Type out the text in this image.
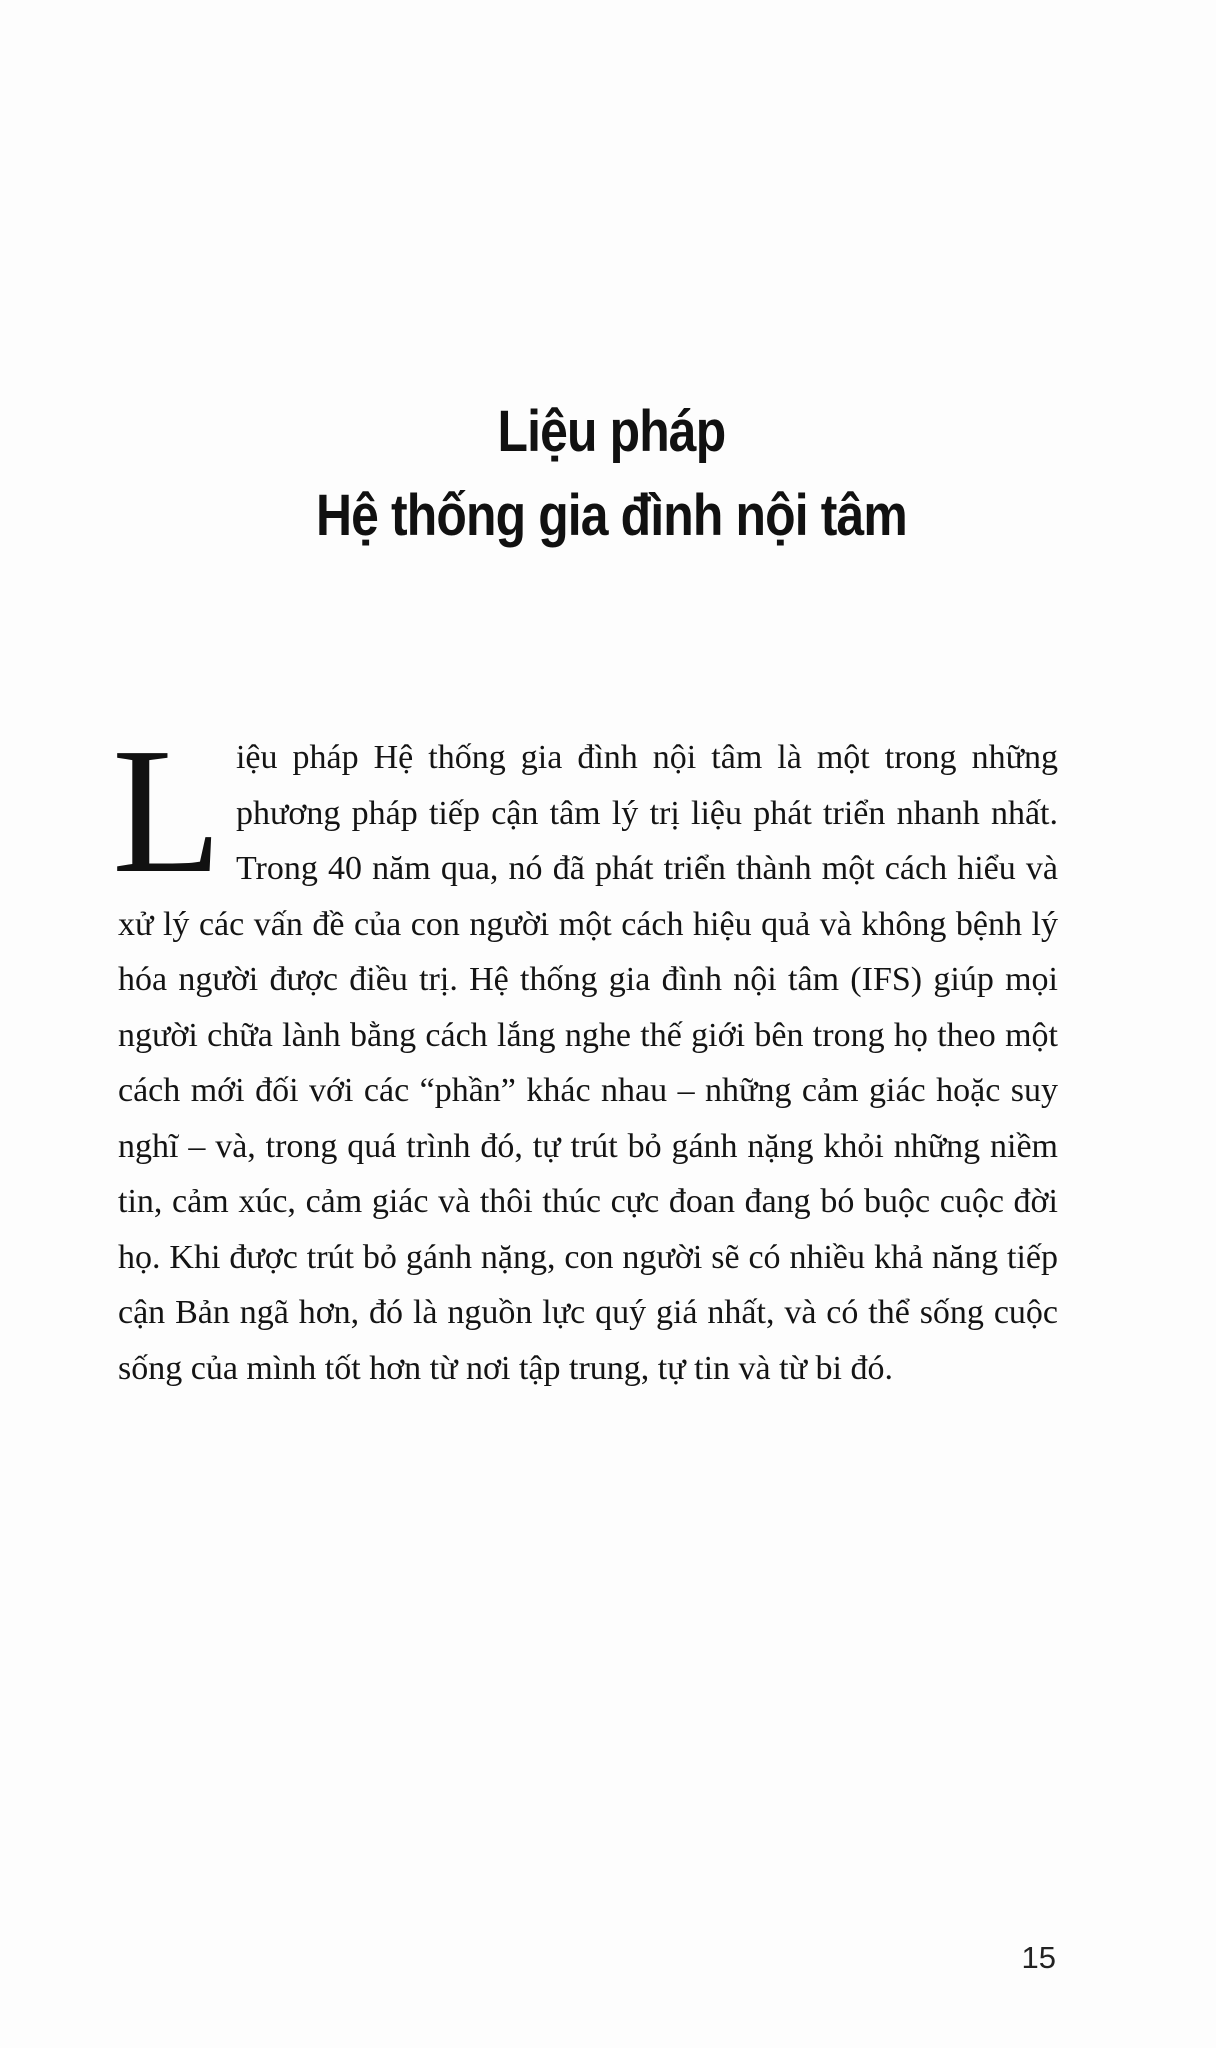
Liệu pháp
Hệ thống gia đình nội tâm
Liệu pháp Hệ thống gia đình nội tâm là một trong những phương pháp tiếp cận tâm lý trị liệu phát triển nhanh nhất. Trong 40 năm qua, nó đã phát triển thành một cách hiểu và xử lý các vấn đề của con người một cách hiệu quả và không bệnh lý hóa người được điều trị. Hệ thống gia đình nội tâm (IFS) giúp mọi người chữa lành bằng cách lắng nghe thế giới bên trong họ theo một cách mới đối với các “phần” khác nhau – những cảm giác hoặc suy nghĩ – và, trong quá trình đó, tự trút bỏ gánh nặng khỏi những niềm tin, cảm xúc, cảm giác và thôi thúc cực đoan đang bó buộc cuộc đời họ. Khi được trút bỏ gánh nặng, con người sẽ có nhiều khả năng tiếp cận Bản ngã hơn, đó là nguồn lực quý giá nhất, và có thể sống cuộc sống của mình tốt hơn từ nơi tập trung, tự tin và từ bi đó.
15
